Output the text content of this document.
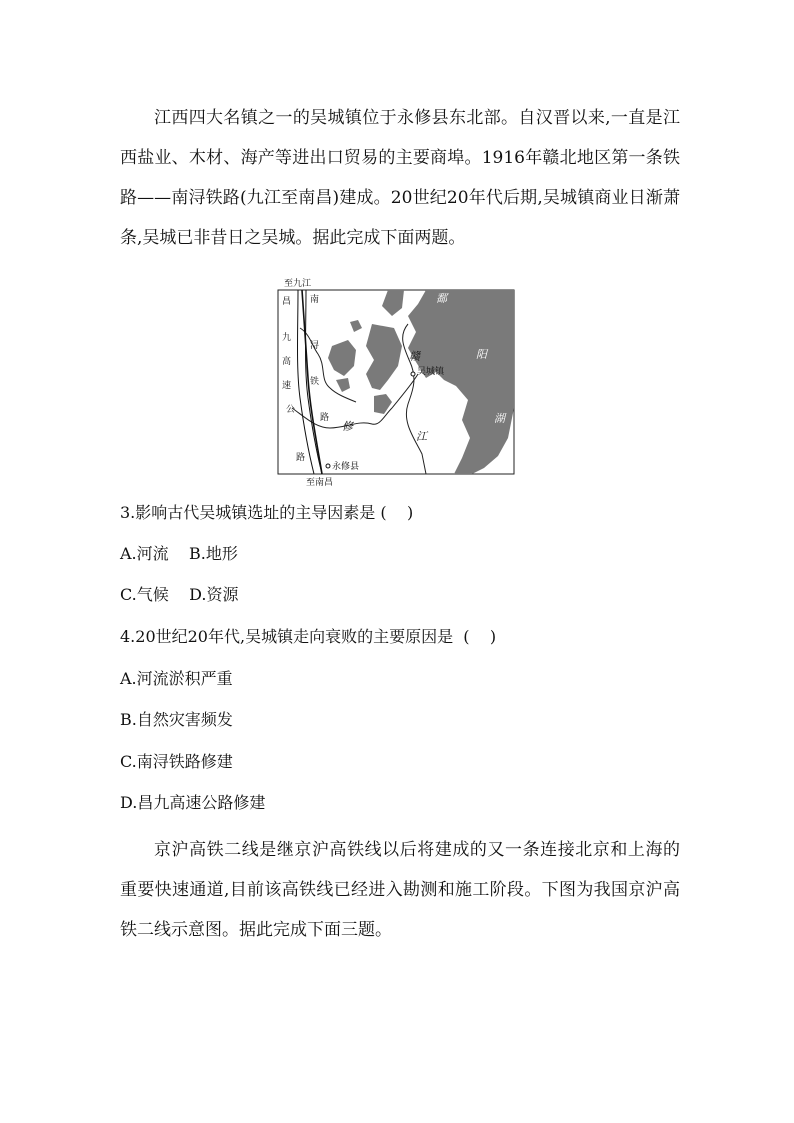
江西四大名镇之一的吴城镇位于永修县东北部。自汉晋以来,一直是江西盐业、木材、海产等进出口贸易的主要商埠。1916年赣北地区第一条铁路——南浔铁路(九江至南昌)建成。20世纪20年代后期,吴城镇商业日渐萧条,吴城已非昔日之吴城。据此完成下面两题。

至九江
至南昌
昌
九
高
速
公
路
南
浔
铁
路
修
赣
江
鄱
阳
湖
吴城镇
永修县

3.影响古代吴城镇选址的主导因素是 (    )

A.河流    B.地形

C.气候    D.资源

4.20世纪20年代,吴城镇走向衰败的主要原因是  (    )

A.河流淤积严重

B.自然灾害频发

C.南浔铁路修建

D.昌九高速公路修建

京沪高铁二线是继京沪高铁线以后将建成的又一条连接北京和上海的重要快速通道,目前该高铁线已经进入勘测和施工阶段。下图为我国京沪高铁二线示意图。据此完成下面三题。
